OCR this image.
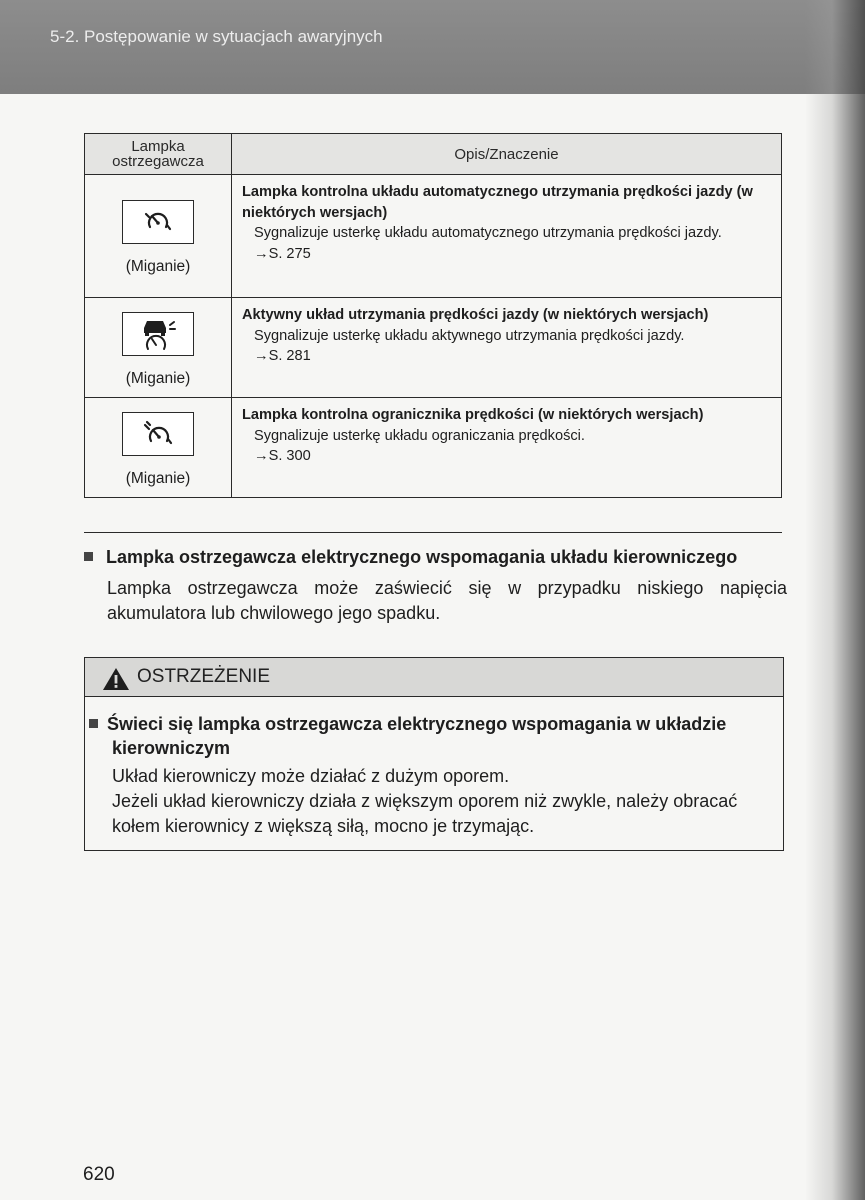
5-2. Postępowanie w sytuacjach awaryjnych
Lampka
ostrzegawcza	Opis/Znaczenie

(Miganie)	Lampka kontrolna układu automatycznego utrzymania prędkości jazdy (w niektórych wersjach)
Sygnalizuje usterkę układu automatycznego utrzymania prędkości jazdy.
→S. 275

(Miganie)	Aktywny układ utrzymania prędkości jazdy (w niektórych wersjach)
Sygnalizuje usterkę układu aktywnego utrzymania prędkości jazdy.
→S. 281

(Miganie)	Lampka kontrolna ogranicznika prędkości (w niektórych wersjach)
Sygnalizuje usterkę układu ograniczania prędkości.
→S. 300
Lampka ostrzegawcza elektrycznego wspomagania układu kierowniczego
Lampka ostrzegawcza może zaświecić się w przypadku niskiego napięcia akumulatora lub chwilowego jego spadku.
OSTRZEŻENIE
Świeci się lampka ostrzegawcza elektrycznego wspomagania w układzie
kierowniczym
Układ kierowniczy może działać z dużym oporem.
Jeżeli układ kierowniczy działa z większym oporem niż zwykle, należy obracać kołem kierownicy z większą siłą, mocno je trzymając.
620
